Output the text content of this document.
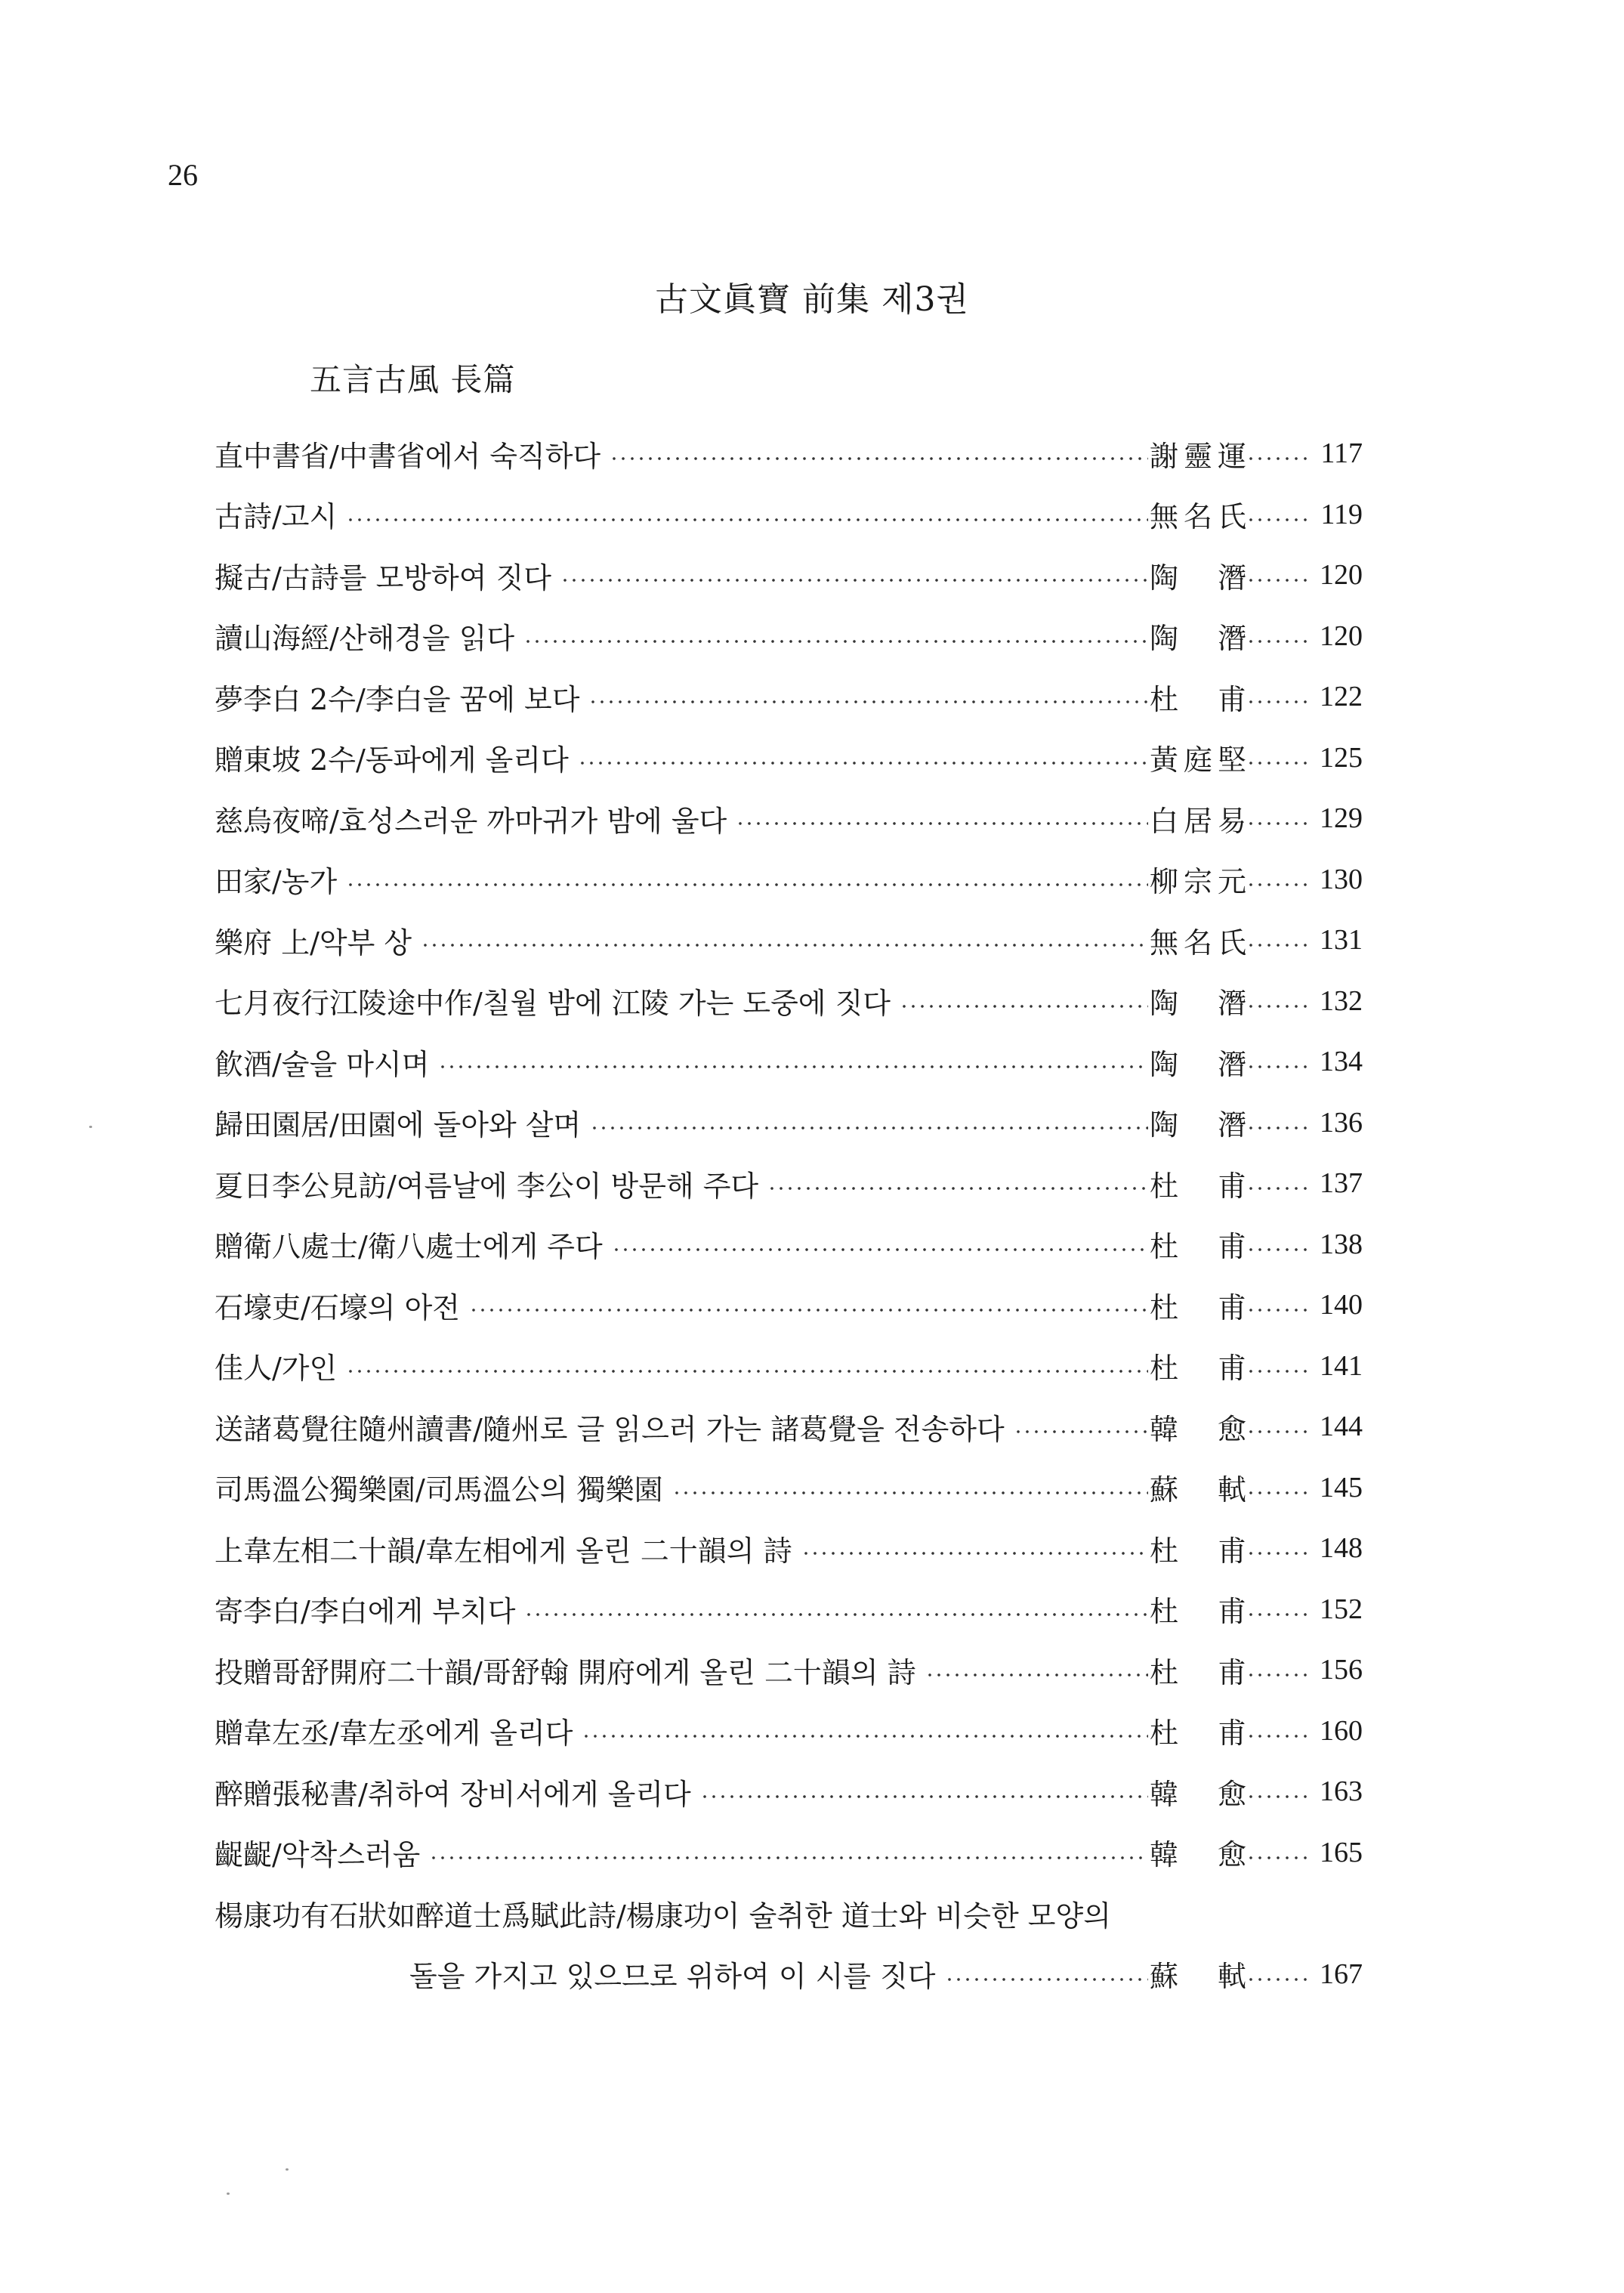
26
古文眞寶 前集 제3권
五言古風 長篇
直中書省/中書省에서 숙직하다	謝靈運	117
古詩/고시	無名氏	119
擬古/古詩를 모방하여 짓다	陶　潛	120
讀山海經/산해경을 읽다	陶　潛	120
夢李白 2수/李白을 꿈에 보다	杜　甫	122
贈東坡 2수/동파에게 올리다	黃庭堅	125
慈烏夜啼/효성스러운 까마귀가 밤에 울다	白居易	129
田家/농가	柳宗元	130
樂府 上/악부 상	無名氏	131
七月夜行江陵途中作/칠월 밤에 江陵 가는 도중에 짓다	陶　潛	132
飮酒/술을 마시며	陶　潛	134
歸田園居/田園에 돌아와 살며	陶　潛	136
夏日李公見訪/여름날에 李公이 방문해 주다	杜　甫	137
贈衛八處士/衛八處士에게 주다	杜　甫	138
石壕吏/石壕의 아전	杜　甫	140
佳人/가인	杜　甫	141
送諸葛覺往隨州讀書/隨州로 글 읽으러 가는 諸葛覺을 전송하다	韓　愈	144
司馬溫公獨樂園/司馬溫公의 獨樂園	蘇　軾	145
上韋左相二十韻/韋左相에게 올린 二十韻의 詩	杜　甫	148
寄李白/李白에게 부치다	杜　甫	152
投贈哥舒開府二十韻/哥舒翰 開府에게 올린 二十韻의 詩	杜　甫	156
贈韋左丞/韋左丞에게 올리다	杜　甫	160
醉贈張秘書/취하여 장비서에게 올리다	韓　愈	163
齪齪/악착스러움	韓　愈	165
楊康功有石狀如醉道士爲賦此詩/楊康功이 술취한 道士와 비슷한 모양의
돌을 가지고 있으므로 위하여 이 시를 짓다	蘇　軾	167
